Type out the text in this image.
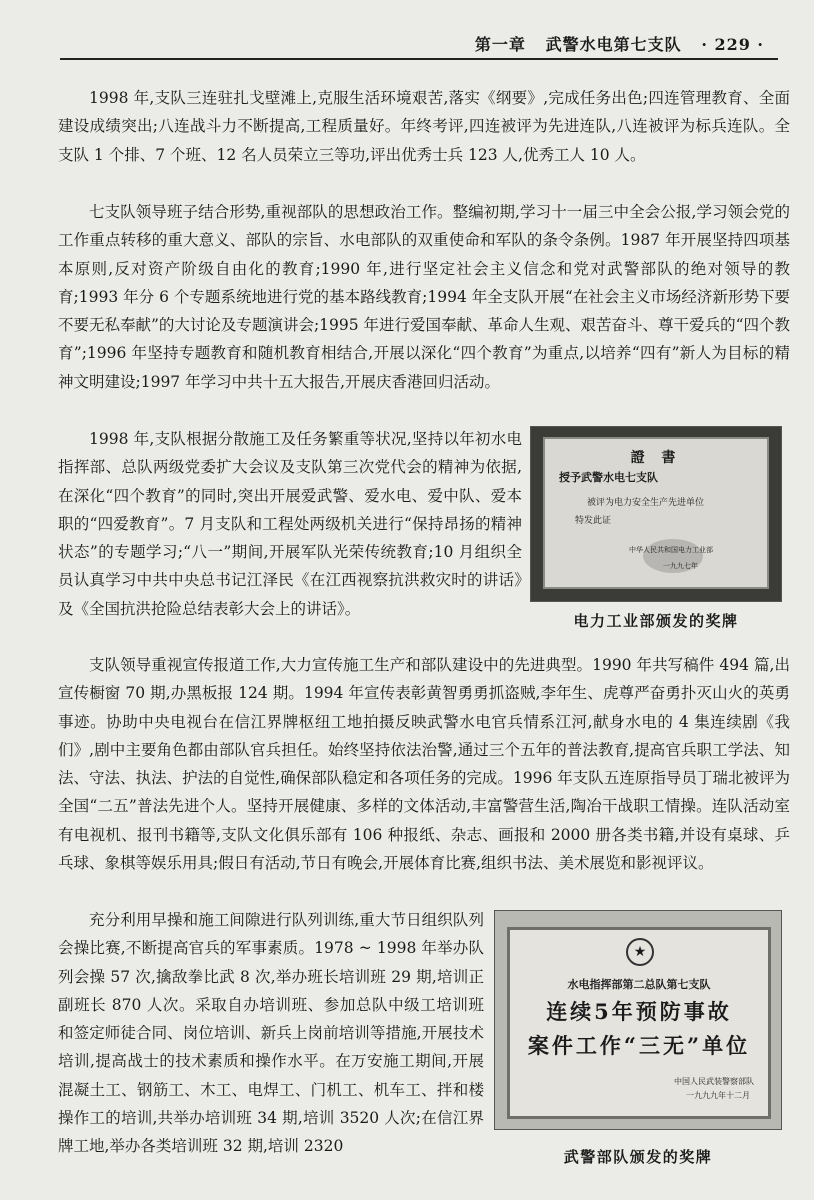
第一章 武警水电第七支队 · 229 ·

1998 年,支队三连驻扎戈壁滩上,克服生活环境艰苦,落实《纲要》,完成任务出色;四连管理教育、全面建设成绩突出;八连战斗力不断提高,工程质量好。年终考评,四连被评为先进连队,八连被评为标兵连队。全支队 1 个排、7 个班、12 名人员荣立三等功,评出优秀士兵 123 人,优秀工人 10 人。

七支队领导班子结合形势,重视部队的思想政治工作。整编初期,学习十一届三中全会公报,学习领会党的工作重点转移的重大意义、部队的宗旨、水电部队的双重使命和军队的条令条例。1987 年开展坚持四项基本原则,反对资产阶级自由化的教育;1990 年,进行坚定社会主义信念和党对武警部队的绝对领导的教育;1993 年分 6 个专题系统地进行党的基本路线教育;1994 年全支队开展“在社会主义市场经济新形势下要不要无私奉献”的大讨论及专题演讲会;1995 年进行爱国奉献、革命人生观、艰苦奋斗、尊干爱兵的“四个教育”;1996 年坚持专题教育和随机教育相结合,开展以深化“四个教育”为重点,以培养“四有”新人为目标的精神文明建设;1997 年学习中共十五大报告,开展庆香港回归活动。

1998 年,支队根据分散施工及任务繁重等状况,坚持以年初水电指挥部、总队两级党委扩大会议及支队第三次党代会的精神为依据,在深化“四个教育”的同时,突出开展爱武警、爱水电、爱中队、爱本职的“四爱教育”。7 月支队和工程处两级机关进行“保持昂扬的精神状态”的专题学习;“八一”期间,开展军队光荣传统教育;10 月组织全员认真学习中共中央总书记江泽民《在江西视察抗洪救灾时的讲话》及《全国抗洪抢险总结表彰大会上的讲话》。

支队领导重视宣传报道工作,大力宣传施工生产和部队建设中的先进典型。1990 年共写稿件 494 篇,出宣传橱窗 70 期,办黑板报 124 期。1994 年宣传表彰黄智勇勇抓盗贼,李年生、虎尊严奋勇扑灭山火的英勇事迹。协助中央电视台在信江界牌枢纽工地拍摄反映武警水电官兵情系江河,献身水电的 4 集连续剧《我们》,剧中主要角色都由部队官兵担任。始终坚持依法治警,通过三个五年的普法教育,提高官兵职工学法、知法、守法、执法、护法的自觉性,确保部队稳定和各项任务的完成。1996 年支队五连原指导员丁瑞北被评为全国“二五”普法先进个人。坚持开展健康、多样的文体活动,丰富警营生活,陶冶干战职工情操。连队活动室有电视机、报刊书籍等,支队文化俱乐部有 106 种报纸、杂志、画报和 2000 册各类书籍,并设有桌球、乒乓球、象棋等娱乐用具;假日有活动,节日有晚会,开展体育比赛,组织书法、美术展览和影视评议。

充分利用早操和施工间隙进行队列训练,重大节日组织队列会操比赛,不断提高官兵的军事素质。1978 ~ 1998 年举办队列会操 57 次,擒敌拳比武 8 次,举办班长培训班 29 期,培训正副班长 870 人次。采取自办培训班、参加总队中级工培训班和签定师徒合同、岗位培训、新兵上岗前培训等措施,开展技术培训,提高战士的技术素质和操作水平。在万安施工期间,开展混凝土工、钢筋工、木工、电焊工、门机工、机车工、拌和楼操作工的培训,共举办培训班 34 期,培训 3520 人次;在信江界牌工地,举办各类培训班 32 期,培训 2320

證 書
授予武警水电七支队
被评为电力安全生产先进单位
特发此证
中华人民共和国电力工业部
一九九七年
电力工业部颁发的奖牌
★
水电指挥部第二总队第七支队
连续5年预防事故
案件工作“三无”单位
中国人民武装警察部队
一九九九年十二月
武警部队颁发的奖牌
